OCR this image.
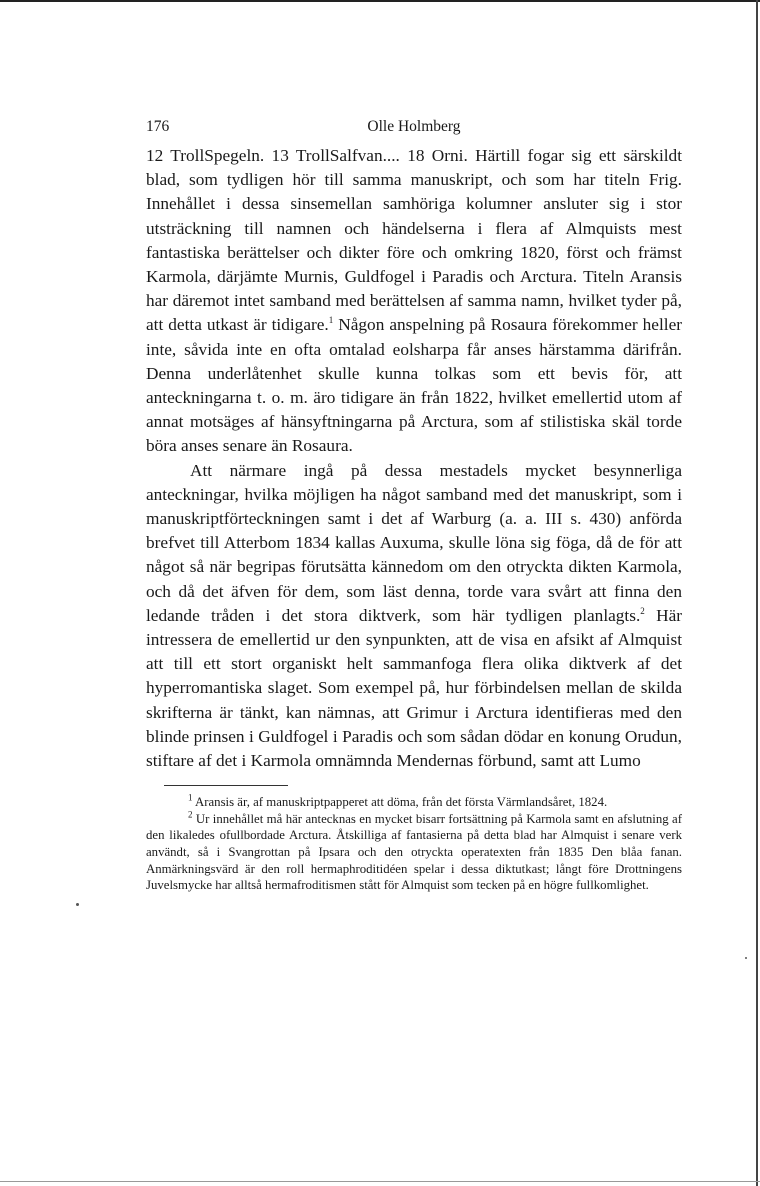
176	Olle Holmberg

12 TrollSpegeln. 13 TrollSalfvan.... 18 Orni. Härtill fogar sig ett särskildt blad, som tydligen hör till samma manuskript, och som har titeln Frig. Innehållet i dessa sinsemellan samhöriga kolumner ansluter sig i stor utsträckning till namnen och händelserna i flera af Almquists mest fantastiska berättelser och dikter före och omkring 1820, först och främst Karmola, därjämte Murnis, Guldfogel i Paradis och Arctura. Titeln Aransis har däremot intet samband med berättelsen af samma namn, hvilket tyder på, att detta utkast är tidigare.$^1$ Någon anspelning på Rosaura förekommer heller inte, såvida inte en ofta omtalad eolsharpa får anses härstamma därifrån. Denna underlåtenhet skulle kunna tolkas som ett bevis för, att anteckningarna t. o. m. äro tidigare än från 1822, hvilket emellertid utom af annat motsäges af hänsyftningarna på Arctura, som af stilistiska skäl torde böra anses senare än Rosaura.

Att närmare ingå på dessa mestadels mycket besynnerliga anteckningar, hvilka möjligen ha något samband med det manuskript, som i manuskriptförteckningen samt i det af Warburg (a. a. III s. 430) anförda brefvet till Atterbom 1834 kallas Auxuma, skulle löna sig föga, då de för att något så när begripas förutsätta kännedom om den otryckta dikten Karmola, och då det äfven för dem, som läst denna, torde vara svårt att finna den ledande tråden i det stora diktverk, som här tydligen planlagts.$^2$ Här intressera de emellertid ur den synpunkten, att de visa en afsikt af Almquist att till ett stort organiskt helt sammanfoga flera olika diktverk af det hyperromantiska slaget. Som exempel på, hur förbindelsen mellan de skilda skrifterna är tänkt, kan nämnas, att Grimur i Arctura identifieras med den blinde prinsen i Guldfogel i Paradis och som sådan dödar en konung Orudun, stiftare af det i Karmola omnämnda Mendernas förbund, samt att Lumo

$^1$ Aransis är, af manuskriptpapperet att döma, från det första Värmlandsåret, 1824.

$^2$ Ur innehållet må här antecknas en mycket bisarr fortsättning på Karmola samt en afslutning af den likaledes ofullbordade Arctura. Åtskilliga af fantasierna på detta blad har Almquist i senare verk användt, så i Svangrottan på Ipsara och den otryckta operatexten från 1835 Den blåa fanan. Anmärkningsvärd är den roll hermaphroditidéen spelar i dessa diktutkast; långt före Drottningens Juvelsmycke har alltså hermafroditismen stått för Almquist som tecken på en högre fullkomlighet.
